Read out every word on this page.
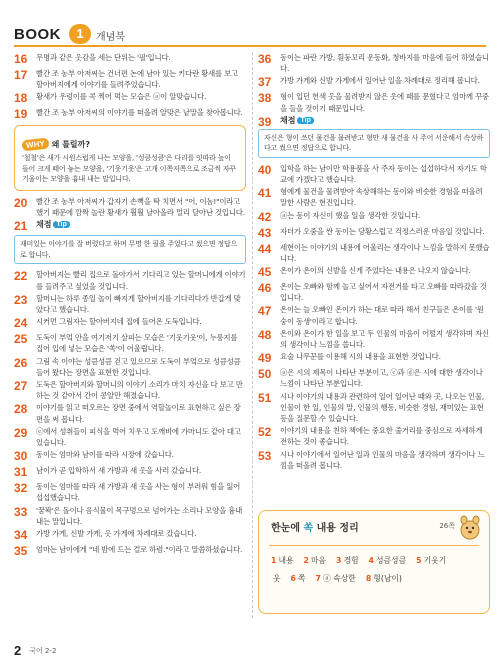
BOOK	1	개념북
16	무명과 같은 옷감을 세는 단위는 '필'입니다.
17	빨간 조 농부 아저씨는 건너편 논에 남아 있는 키다란 황새를 보고 할아버지에게 이야기를 들려주었습니다.
18	황새가 우렁이를 콕 찍어 먹는 모습은 ⓐ이 알맞습니다.
19	빨간 조 농부 아저씨의 이야기를 떠올려 알맞은 낱말을 찾아봅니다.
WHY 왜 틀릴까?
'철철'은 새가 시원스럽게 나는 모양을, '성큼성큼'은 다리를 잇따라 높이 들어 크게 떼어 놓는 모양을, '기웃기웃'은 고개 이쪽저쪽으로 조금씩 자꾸 기울이는 모양을 흉내 내는 말입니다.
20	빨간 조 농부 아저씨가 갑자기 손뼉을 탁 치면서 "어, 이놈!"이라고 했기 때문에 깜짝 놀란 황새가 훨훨 날아올라 멀리 달아난 것입니다.
21	채점 Tip
재미있는 이야기를 잘 버렸다고 하며 무명 한 필을 주었다고 썼으면 정답으로 합니다.
22	할아버지는 빨리 집으로 돌아가서 기다리고 있는 할머니에게 이야기를 들려주고 싶었을 것입니다.
23	할머니는 하루 종일 놀이 빠지게 할아버지를 기다리다가 반갑게 맞았다고 했습니다.
24	시커먼 그림자는 할아버지네 집에 들어온 도둑입니다.
25	도둑이 부엌 안을 여기저기 살피는 모습은 '기웃기웃'이, 누룽지를 집어 입에 넣는 모습은 '쏙'이 어울립니다.
26	그림 속 이야는 성큼성큼 걷고 있으므로 도둑이 부엌으로 성큼성큼 들어 왔다는 장면을 표현한 것입니다.
27	도둑은 할아버지와 할머니의 이야기 소리가 마치 자신을 다 보고 만하는 것 같아서 간이 콩알만 해졌습니다.
28	이야기를 읽고 떠오르는 장면 중에서 역할놀이로 표현하고 싶은 장면을 써 봅니다.
29	ⓔ에서 성취들이 피식을 먹어 치우고 도깨비에 가마니도 같아 대고 있습니다.
30	동이는 엄마와 남이를 따라 시장에 갔습니다.
31	남이가 곧 입학하서 새 가방과 새 옷을 사러 갔습니다.
32	동이는 엄마를 따라 새 가방과 새 옷을 사는 형이 부러워 힘을 잃어 섭섭했습니다.
33	'꿈꽉'은 돌이나 음식물이 목구멍으로 넘어가는 소리나 모양을 흉내 내는 말입니다.
34	가방 가게, 신발 가게, 옷 가게에 차례대로 갔습니다.
35	엄마는 남이에게 "네 밤에 드는 걸로 하렴."이라고 말씀하셨습니다.
36	동이는 파란 가방, 흰둥꼬리 운동화, 청바지를 마음에 들어 하였습니다.
37	가방 가게와 신발 가게에서 일어난 일을 차례대로 정리해 봅니다.
38	형이 입던 헌색 옷을 물려받지 않은 옷에 때를 문혔다고 엄마께 꾸중을 들을 것이기 때문입니다.
39	채점 Tip
자신은 형이 쓰던 물건을 물려받고 형만 새 물건을 사 주어 서운해서 속상하다고 썼으면 정답으로 합니다.
40	입학을 하는 남이만 학용품을 사 주자 동이는 섭섭하다서 자기도 학교에 가겠다고 했습니다.
41	형에게 물건을 물려받아 속상해하는 동이와 비슷한 경험을 떠올려 말한 사람은 현진입니다.
42	ⓐ는 동이 자신이 했을 일을 생각한 것입니다.
43	자더가 오줌을 싼 동이는 당황스럽고 걱정스러운 마음일 것입니다.
44	세현이는 이야기의 내용에 어울리는 생각이나 느낌을 말하지 못했습니다.
45	온이가 온이의 신발을 신게 주었다는 내용은 나오지 않습니다.
46	온이는 오빠와 함께 놀고 싶어서 자전거를 타고 오빠를 따라갔을 것입니다.
47	온이는 늘 오빠인 온이가 하는 대로 따라 해서 친구들은 온이를 '원숭이 동생'이라고 합니다.
48	온이와 온이가 한 일을 보고 두 인물의 마음이 어떨지 생각하며 자신의 생각이나 느낌을 씁니다.
49	요술 나무꾼를 이용해 시의 내용을 표현한 것입니다.
50	ⓐ은 시의 제목이 나타난 부분이고, ⓒ과 ⓓ은 시에 대한 생각이나 느낌이 나타난 부분입니다.
51	시나 이야기의 내용과 관련하여 일어 일어난 때와 곳, 나오는 인물, 인물이 한 일, 인물의 말, 인물의 행동, 비슷한 경험, 재미있는 표현 등을 질문할 수 있습니다.
52	이야기의 내용을 친하 책에는 중요한 줄거리를 중심으로 자세하게 전하는 것이 좋습니다.
53	시나 이야기에서 일어난 일과 인물의 마음을 생각하며 생각이나 느낌을 떠올려 봅니다.
한눈에 쏙 내용 정리	26쪽
1 내용 2 마음 3 경험 4 성큼성큼 5 기웃기
웃 6 쪽 7 ⓐ 속상한 8 형(남이)
2 국어 2-2
